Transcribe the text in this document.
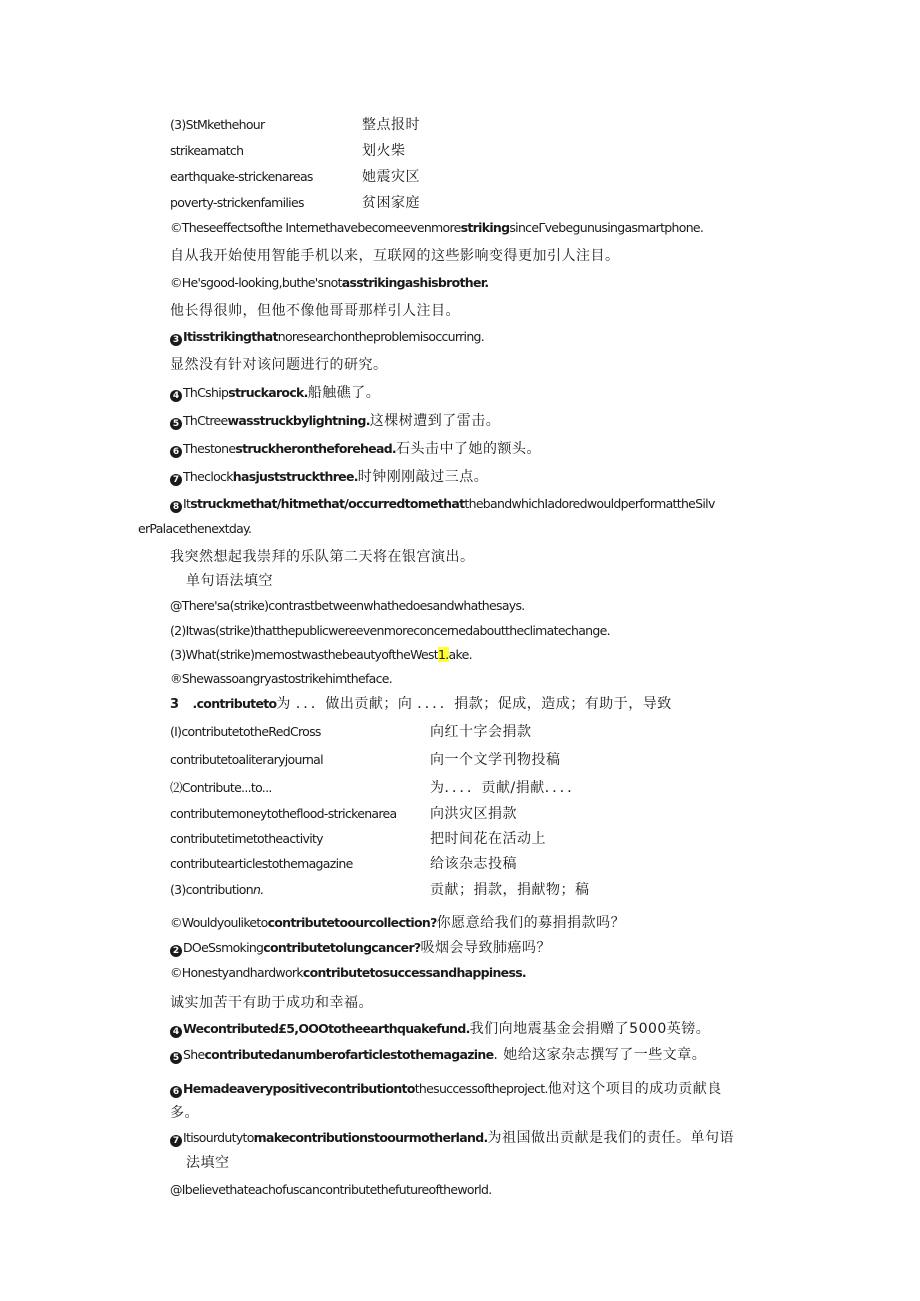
(3)StMkethehour	整点报时
strikeamatch	划火柴
earthquake-strickenareas	她震灾区
poverty-strickenfamilies	贫困家庭
©Theseeffectsofthe InternethavebecomeevenmorestrikingsinceΓvebegunusingasmartphone.
自从我开始使用智能手机以来，互联网的这些影响变得更加引人注目。
©He'sgood-looking,buthe'snotasstrikingashisbrother.
他长得很帅，但他不像他哥哥那样引人注目。
3 Itisstrikingthatnoresearchontheproblemisoccurring.
显然没有针对该问题进行的研究。
4 ThCshipstruckarock.船触礁了。
5 ThCtreewasstruckbylightning.这棵树遭到了雷击。
6 Thestonestruckherontheforehead.石头击中了她的额头。
7 Theclockhasjuststruckthree.时钟刚刚敲过三点。
8 Itstruckmethat/hitmethat/occurredtomethatthebandwhichIadoredwouldperformattheSilv
erPalacethenextday.
我突然想起我崇拜的乐队第二天将在银宫演出。
单句语法填空
@There'sa(strike)contrastbetweenwhathedoesandwhathesays.
(2)Itwas(strike)thatthepublicwereevenmoreconcernedabouttheclimatechange.
(3)What(strike)memostwasthebeautyoftheWest1.ake.
®Shewassoangryastostrikehimtheface.
3 .contributeto为 ．．．做出贡献；向 ．．．．捐款；促成，造成；有助于，导致
(I)contributetotheRedCross	向红十字会捐款
contributetoaliteraryjournal	向一个文学刊物投稿
⑵Contribute...to...	为．．．．贡献/捐献．．．．
contributemoneytotheflood-strickenarea 向洪灾区捐款
contributetimetotheactivity	把时间花在活动上
contributearticlestothemagazine	给该杂志投稿
(3)contributionn.	贡献；捐款，捐献物；稿
©Wouldyouliketocontributetoourcollection?你愿意给我们的募捐捐款吗？
2 DOeSsmokingcontributetolungcancer?吸烟会导致肺癌吗？
©Honestyandhardworkcontributetosuccessandhappiness.
诚实加苦干有助于成功和幸福。
4 Wecontributed£5,OOOtotheearthquakefund.我们向地震基金会捐赠了5000英镑。
5 Shecontributedanumberofarticlestothemagazine. 她给这家杂志撰写了一些文章。
6 Hemadeaverypositivecontributiontothesuccessoftheproject.他对这个项目的成功贡献良
多。
7 Itisourdutytomakecontributionstoourmotherland.为祖国做出贡献是我们的责任。单句语
法填空
@Ibelievethateachofuscancontributethefutureoftheworld.
